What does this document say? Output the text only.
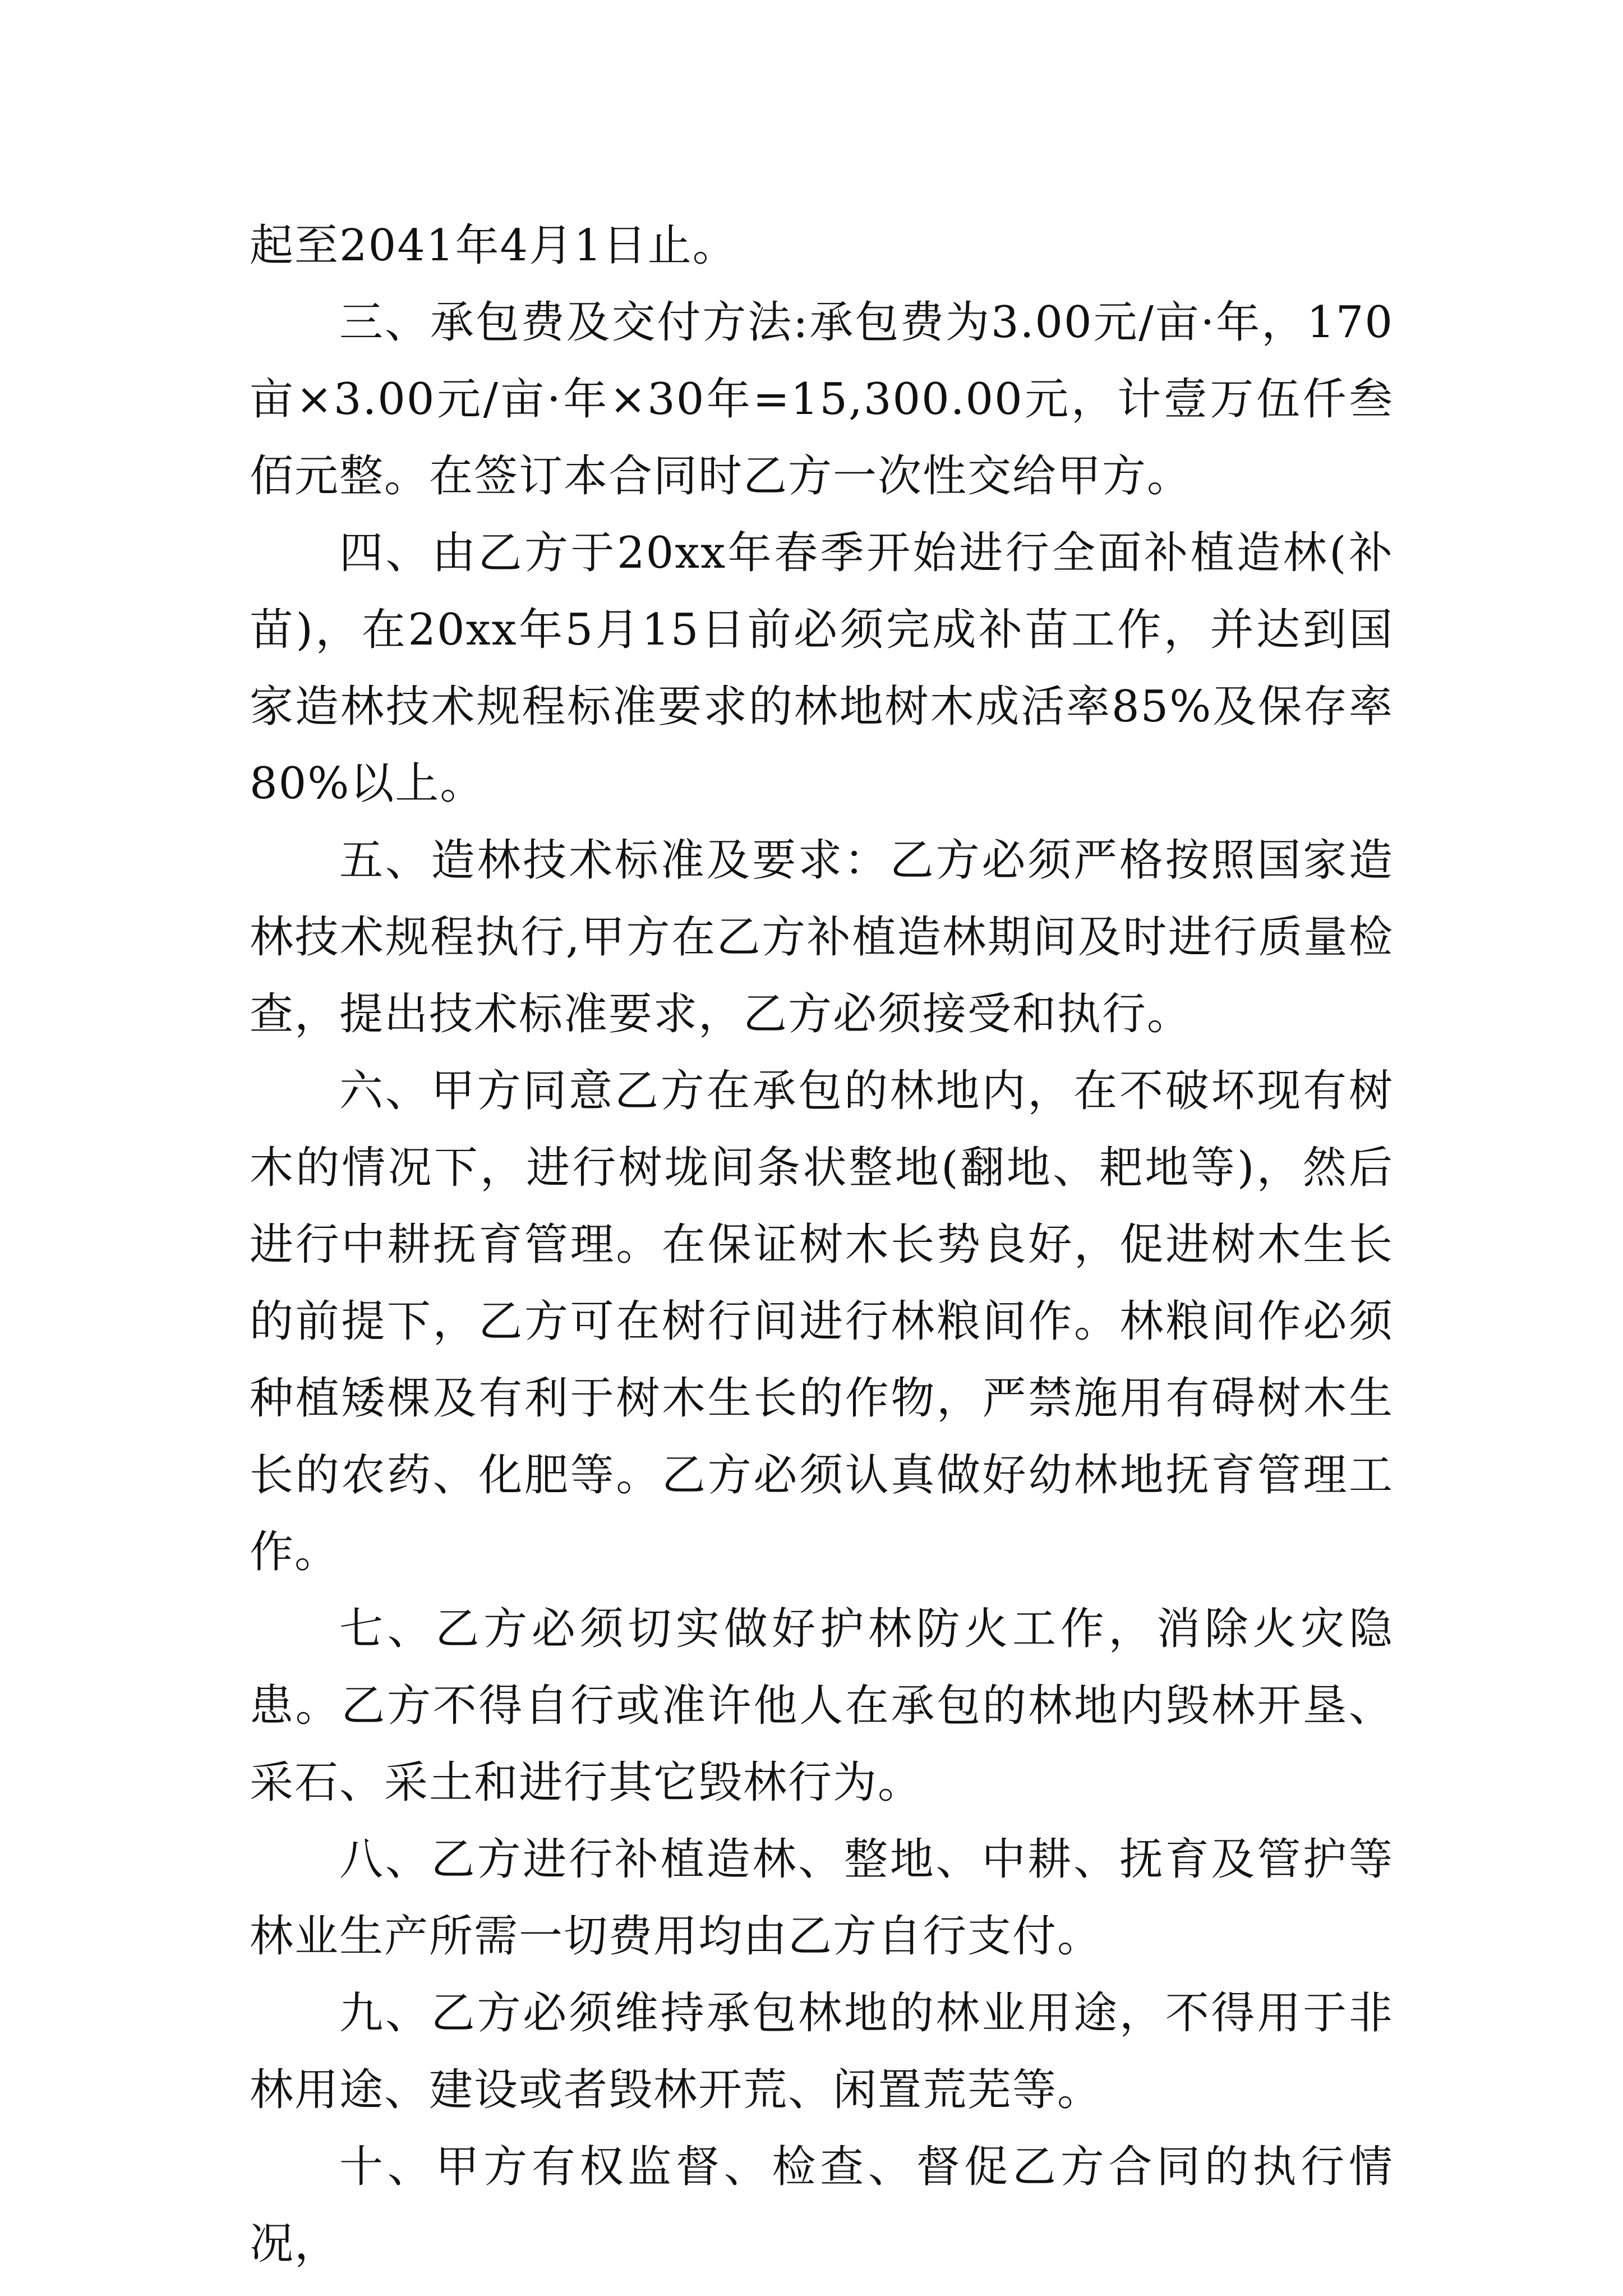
起至2041年4月1日止。

三、承包费及交付方法:承包费为3.00元/亩·年，170亩×3.00元/亩·年×30年=15,300.00元，计壹万伍仟叁佰元整。在签订本合同时乙方一次性交给甲方。

四、由乙方于20xx年春季开始进行全面补植造林(补苗)，在20xx年5月15日前必须完成补苗工作，并达到国家造林技术规程标准要求的林地树木成活率85%及保存率80%以上。

五、造林技术标准及要求：乙方必须严格按照国家造林技术规程执行,甲方在乙方补植造林期间及时进行质量检查，提出技术标准要求，乙方必须接受和执行。

六、甲方同意乙方在承包的林地内，在不破坏现有树木的情况下，进行树垅间条状整地(翻地、耙地等)，然后进行中耕抚育管理。在保证树木长势良好，促进树木生长的前提下，乙方可在树行间进行林粮间作。林粮间作必须种植矮棵及有利于树木生长的作物，严禁施用有碍树木生长的农药、化肥等。乙方必须认真做好幼林地抚育管理工作。

七、乙方必须切实做好护林防火工作，消除火灾隐患。乙方不得自行或准许他人在承包的林地内毁林开垦、采石、采土和进行其它毁林行为。

八、乙方进行补植造林、整地、中耕、抚育及管护等林业生产所需一切费用均由乙方自行支付。

九、乙方必须维持承包林地的林业用途，不得用于非林用途、建设或者毁林开荒、闲置荒芜等。

十、甲方有权监督、检查、督促乙方合同的执行情况，
